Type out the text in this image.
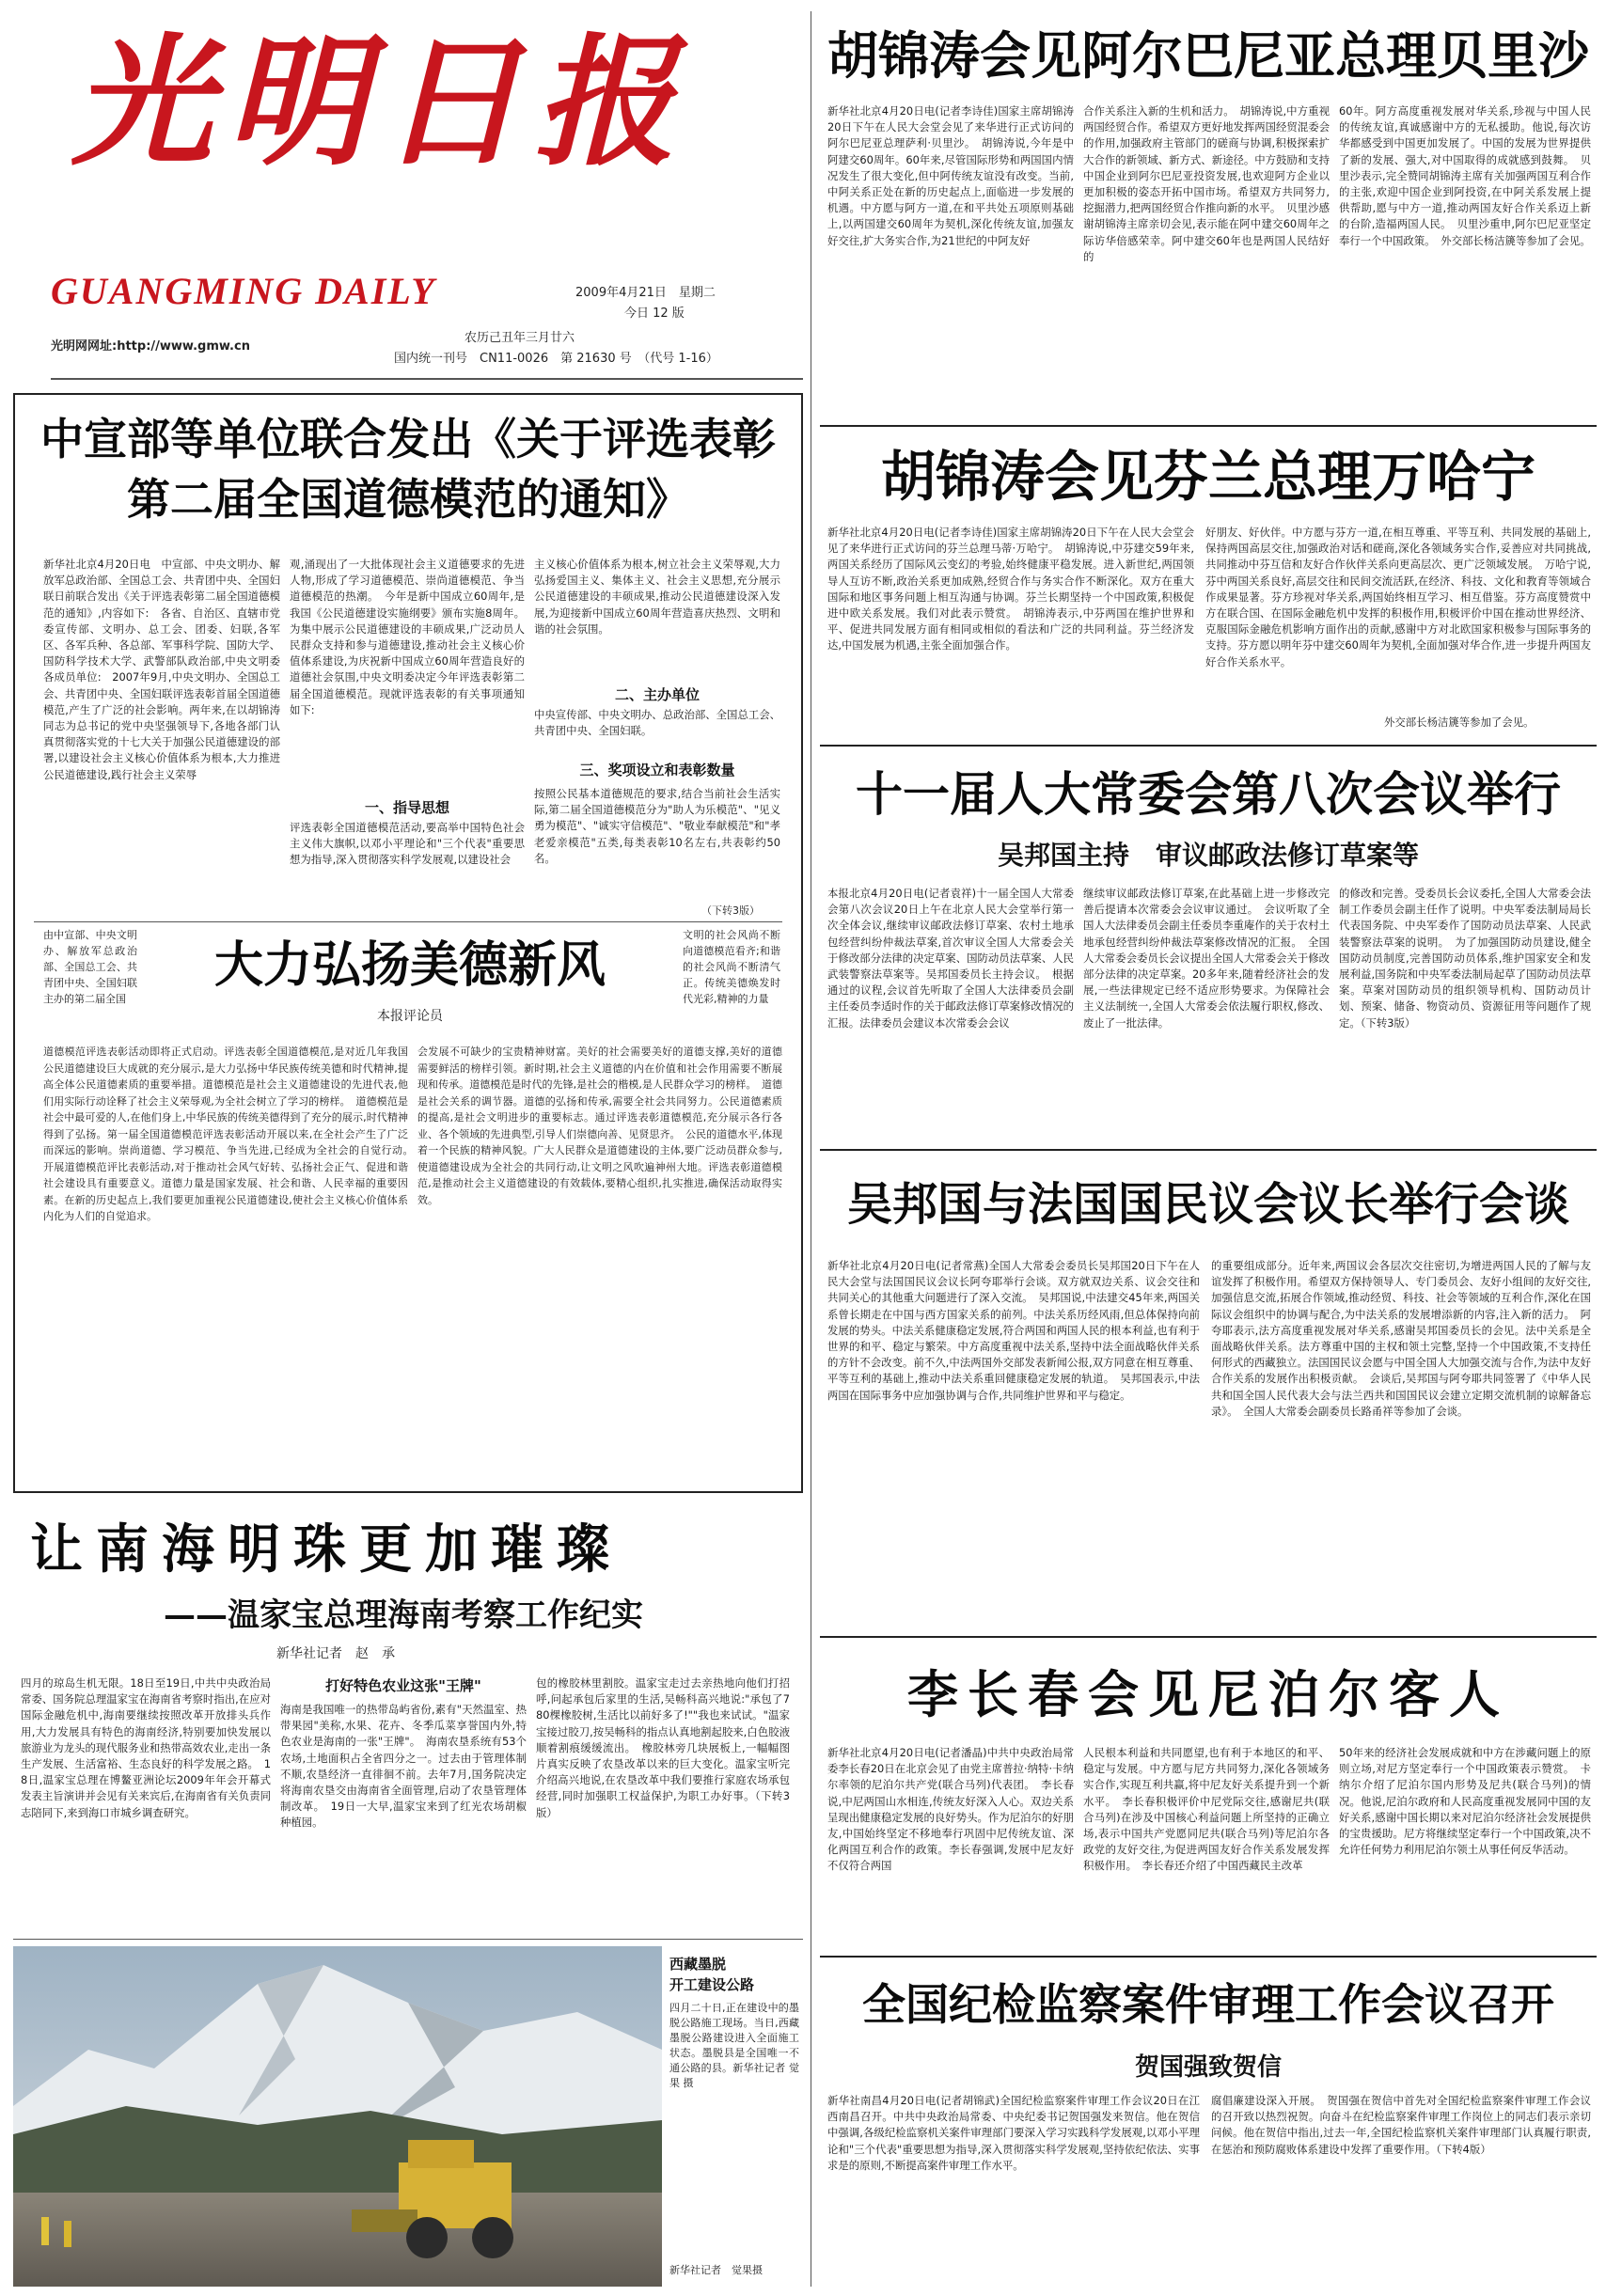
光明日报
GUANGMING DAILY
光明网网址:http://www.gmw.cn
2009年4月21日　星期二
今日 12 版
农历己丑年三月廿六
国内统一刊号　CN11-0026　第 21630 号　（代号 1-16）
胡锦涛会见阿尔巴尼亚总理贝里沙
新华社北京4月20日电(记者李诗佳)国家主席胡锦涛20日下午在人民大会堂会见了来华进行正式访问的阿尔巴尼亚总理萨利·贝里沙。　胡锦涛说,今年是中阿建交60周年。60年来,尽管国际形势和两国国内情况发生了很大变化,但中阿传统友谊没有改变。当前,中阿关系正处在新的历史起点上,面临进一步发展的机遇。中方愿与阿方一道,在和平共处五项原则基础上,以两国建交60周年为契机,深化传统友谊,加强友好交往,扩大务实合作,为21世纪的中阿友好
合作关系注入新的生机和活力。　胡锦涛说,中方重视两国经贸合作。希望双方更好地发挥两国经贸混委会的作用,加强政府主管部门的磋商与协调,积极探索扩大合作的新领域、新方式、新途径。中方鼓励和支持中国企业到阿尔巴尼亚投资发展,也欢迎阿方企业以更加积极的姿态开拓中国市场。希望双方共同努力,挖掘潜力,把两国经贸合作推向新的水平。　贝里沙感谢胡锦涛主席亲切会见,表示能在阿中建交60周年之际访华倍感荣幸。阿中建交60年也是两国人民结好的
60年。阿方高度重视发展对华关系,珍视与中国人民的传统友谊,真诚感谢中方的无私援助。他说,每次访华都感受到中国更加发展了。中国的发展为世界提供了新的发展、强大,对中国取得的成就感到鼓舞。　贝里沙表示,完全赞同胡锦涛主席有关加强两国互利合作的主张,欢迎中国企业到阿投资,在中阿关系发展上提供帮助,愿与中方一道,推动两国友好合作关系迈上新的台阶,造福两国人民。　贝里沙重申,阿尔巴尼亚坚定奉行一个中国政策。　外交部长杨洁篪等参加了会见。
中宣部等单位联合发出《关于评选表彰
第二届全国道德模范的通知》
新华社北京4月20日电　中宣部、中央文明办、解放军总政治部、全国总工会、共青团中央、全国妇联日前联合发出《关于评选表彰第二届全国道德模范的通知》,内容如下:　各省、自治区、直辖市党委宣传部、文明办、总工会、团委、妇联,各军区、各军兵种、各总部、军事科学院、国防大学、国防科学技术大学、武警部队政治部,中央文明委各成员单位:　2007年9月,中央文明办、全国总工会、共青团中央、全国妇联评选表彰首届全国道德模范,产生了广泛的社会影响。两年来,在以胡锦涛同志为总书记的党中央坚强领导下,各地各部门认真贯彻落实党的十七大关于加强公民道德建设的部署,以建设社会主义核心价值体系为根本,大力推进公民道德建设,践行社会主义荣辱
观,涌现出了一大批体现社会主义道德要求的先进人物,形成了学习道德模范、崇尚道德模范、争当道德模范的热潮。　今年是新中国成立60周年,是我国《公民道德建设实施纲要》颁布实施8周年。为集中展示公民道德建设的丰硕成果,广泛动员人民群众支持和参与道德建设,推动社会主义核心价值体系建设,为庆祝新中国成立60周年营造良好的道德社会氛围,中央文明委决定今年评选表彰第二届全国道德模范。现就评选表彰的有关事项通知如下:
一、指导思想
评选表彰全国道德模范活动,要高举中国特色社会主义伟大旗帜,以邓小平理论和"三个代表"重要思想为指导,深入贯彻落实科学发展观,以建设社会
主义核心价值体系为根本,树立社会主义荣辱观,大力弘扬爱国主义、集体主义、社会主义思想,充分展示公民道德建设的丰硕成果,推动公民道德建设深入发展,为迎接新中国成立60周年营造喜庆热烈、文明和谐的社会氛围。
二、主办单位
中央宣传部、中央文明办、总政治部、全国总工会、共青团中央、全国妇联。
三、奖项设立和表彰数量
按照公民基本道德规范的要求,结合当前社会生活实际,第二届全国道德模范分为"助人为乐模范"、"见义勇为模范"、"诚实守信模范"、"敬业奉献模范"和"孝老爱亲模范"五类,每类表彰10名左右,共表彰约50名。
（下转3版）
由中宣部、中央文明办、解放军总政治部、全国总工会、共青团中央、全国妇联主办的第二届全国
大力弘扬美德新风
本报评论员
文明的社会风尚不断向道德模范看齐;和谐的社会风尚不断清气正。传统美德焕发时代光彩,精神的力量
道德模范评选表彰活动即将正式启动。评选表彰全国道德模范,是对近几年我国公民道德建设巨大成就的充分展示,是大力弘扬中华民族传统美德和时代精神,提高全体公民道德素质的重要举措。道德模范是社会主义道德建设的先进代表,他们用实际行动诠释了社会主义荣辱观,为全社会树立了学习的榜样。　道德模范是社会中最可爱的人,在他们身上,中华民族的传统美德得到了充分的展示,时代精神得到了弘扬。第一届全国道德模范评选表彰活动开展以来,在全社会产生了广泛而深远的影响。崇尚道德、学习模范、争当先进,已经成为全社会的自觉行动。　开展道德模范评比表彰活动,对于推动社会风气好转、弘扬社会正气、促进和谐社会建设具有重要意义。道德力量是国家发展、社会和谐、人民幸福的重要因素。在新的历史起点上,我们要更加重视公民道德建设,使社会主义核心价值体系内化为人们的自觉追求。
会发展不可缺少的宝贵精神财富。美好的社会需要美好的道德支撑,美好的道德需要鲜活的榜样引领。新时期,社会主义道德的内在价值和社会作用需要不断展现和传承。道德模范是时代的先锋,是社会的楷模,是人民群众学习的榜样。　道德是社会关系的调节器。道德的弘扬和传承,需要全社会共同努力。公民道德素质的提高,是社会文明进步的重要标志。通过评选表彰道德模范,充分展示各行各业、各个领域的先进典型,引导人们崇德向善、见贤思齐。　公民的道德水平,体现着一个民族的精神风貌。广大人民群众是道德建设的主体,要广泛动员群众参与,使道德建设成为全社会的共同行动,让文明之风吹遍神州大地。评选表彰道德模范,是推动社会主义道德建设的有效载体,要精心组织,扎实推进,确保活动取得实效。
胡锦涛会见芬兰总理万哈宁
新华社北京4月20日电(记者李诗佳)国家主席胡锦涛20日下午在人民大会堂会见了来华进行正式访问的芬兰总理马蒂·万哈宁。　胡锦涛说,中芬建交59年来,两国关系经历了国际风云变幻的考验,始终健康平稳发展。进入新世纪,两国领导人互访不断,政治关系更加成熟,经贸合作与务实合作不断深化。双方在重大国际和地区事务问题上相互沟通与协调。芬兰长期坚持一个中国政策,积极促进中欧关系发展。我们对此表示赞赏。　胡锦涛表示,中芬两国在维护世界和平、促进共同发展方面有相同或相似的看法和广泛的共同利益。芬兰经济发达,中国发展为机遇,主张全面加强合作。
好朋友、好伙伴。中方愿与芬方一道,在相互尊重、平等互利、共同发展的基础上,保持两国高层交往,加强政治对话和磋商,深化各领域务实合作,妥善应对共同挑战,共同推动中芬互信和友好合作伙伴关系向更高层次、更广泛领域发展。　万哈宁说,芬中两国关系良好,高层交往和民间交流活跃,在经济、科技、文化和教育等领域合作成果显著。芬方珍视对华关系,两国始终相互学习、相互借鉴。芬方高度赞赏中方在联合国、在国际金融危机中发挥的积极作用,积极评价中国在推动世界经济、克服国际金融危机影响方面作出的贡献,感谢中方对北欧国家积极参与国际事务的支持。芬方愿以明年芬中建交60周年为契机,全面加强对华合作,进一步提升两国友好合作关系水平。
外交部长杨洁篪等参加了会见。
十一届人大常委会第八次会议举行
吴邦国主持　审议邮政法修订草案等
本报北京4月20日电(记者袁祥)十一届全国人大常委会第八次会议20日上午在北京人民大会堂举行第一次全体会议,继续审议邮政法修订草案、农村土地承包经营纠纷仲裁法草案,首次审议全国人大常委会关于修改部分法律的决定草案、国防动员法草案、人民武装警察法草案等。吴邦国委员长主持会议。　根据通过的议程,会议首先听取了全国人大法律委员会副主任委员李适时作的关于邮政法修订草案修改情况的汇报。法律委员会建议本次常委会会议
继续审议邮政法修订草案,在此基础上进一步修改完善后提请本次常委会会议审议通过。　会议听取了全国人大法律委员会副主任委员李重庵作的关于农村土地承包经营纠纷仲裁法草案修改情况的汇报。　全国人大常委会委员长会议提出全国人大常委会关于修改部分法律的决定草案。20多年来,随着经济社会的发展,一些法律规定已经不适应形势要求。为保障社会主义法制统一,全国人大常委会依法履行职权,修改、废止了一批法律。
的修改和完善。受委员长会议委托,全国人大常委会法制工作委员会副主任作了说明。中央军委法制局局长代表国务院、中央军委作了国防动员法草案、人民武装警察法草案的说明。　为了加强国防动员建设,健全国防动员制度,完善国防动员体系,维护国家安全和发展利益,国务院和中央军委法制局起草了国防动员法草案。草案对国防动员的组织领导机构、国防动员计划、预案、储备、物资动员、资源征用等问题作了规定。（下转3版）
吴邦国与法国国民议会议长举行会谈
新华社北京4月20日电(记者常燕)全国人大常委会委员长吴邦国20日下午在人民大会堂与法国国民议会议长阿夸耶举行会谈。双方就双边关系、议会交往和共同关心的其他重大问题进行了深入交流。　吴邦国说,中法建交45年来,两国关系曾长期走在中国与西方国家关系的前列。中法关系历经风雨,但总体保持向前发展的势头。中法关系健康稳定发展,符合两国和两国人民的根本利益,也有利于世界的和平、稳定与繁荣。中方高度重视中法关系,坚持中法全面战略伙伴关系的方针不会改变。前不久,中法两国外交部发表新闻公报,双方同意在相互尊重、平等互利的基础上,推动中法关系重回健康稳定发展的轨道。　吴邦国表示,中法两国在国际事务中应加强协调与合作,共同维护世界和平与稳定。
的重要组成部分。近年来,两国议会各层次交往密切,为增进两国人民的了解与友谊发挥了积极作用。希望双方保持领导人、专门委员会、友好小组间的友好交往,加强信息交流,拓展合作领域,推动经贸、科技、社会等领域的互利合作,深化在国际议会组织中的协调与配合,为中法关系的发展增添新的内容,注入新的活力。　阿夸耶表示,法方高度重视发展对华关系,感谢吴邦国委员长的会见。法中关系是全面战略伙伴关系。法方尊重中国的主权和领土完整,坚持一个中国政策,不支持任何形式的西藏独立。法国国民议会愿与中国全国人大加强交流与合作,为法中友好合作关系的发展作出积极贡献。　会谈后,吴邦国与阿夸耶共同签署了《中华人民共和国全国人民代表大会与法兰西共和国国民议会建立定期交流机制的谅解备忘录》。　全国人大常委会副委员长路甬祥等参加了会谈。
让南海明珠更加璀璨
——温家宝总理海南考察工作纪实
新华社记者　赵　承
四月的琼岛生机无限。18日至19日,中共中央政治局常委、国务院总理温家宝在海南省考察时指出,在应对国际金融危机中,海南要继续按照改革开放排头兵作用,大力发展具有特色的海南经济,特别要加快发展以旅游业为龙头的现代服务业和热带高效农业,走出一条生产发展、生活富裕、生态良好的科学发展之路。　18日,温家宝总理在博鳌亚洲论坛2009年年会开幕式发表主旨演讲并会见有关来宾后,在海南省有关负责同志陪同下,来到海口市城乡调查研究。
打好特色农业这张"王牌"
海南是我国唯一的热带岛屿省份,素有"天然温室、热带果园"美称,水果、花卉、冬季瓜菜享誉国内外,特色农业是海南的一张"王牌"。　海南农垦系统有53个农场,土地面积占全省四分之一。过去由于管理体制不顺,农垦经济一直徘徊不前。去年7月,国务院决定将海南农垦交由海南省全面管理,启动了农垦管理体制改革。　19日一大早,温家宝来到了红光农场胡椒种植园。
包的橡胶林里割胶。温家宝走过去亲热地向他们打招呼,问起承包后家里的生活,吴畅科高兴地说:"承包了780棵橡胶树,生活比以前好多了!""我也来试试。"温家宝接过胶刀,按吴畅科的指点认真地割起胶来,白色胶液顺着割痕缓缓流出。　橡胶林旁几块展板上,一幅幅图片真实反映了农垦改革以来的巨大变化。温家宝听完介绍高兴地说,在农垦改革中我们要推行家庭农场承包经营,同时加强职工权益保护,为职工办好事。（下转3版）
西藏墨脱
开工建设公路
四月二十日,正在建设中的墨脱公路施工现场。当日,西藏墨脱公路建设进入全面施工状态。墨脱县是全国唯一不通公路的县。新华社记者 觉果 摄
新华社记者　觉果摄
李长春会见尼泊尔客人
新华社北京4月20日电(记者潘晶)中共中央政治局常委李长春20日在北京会见了由党主席普拉·纳特·卡纳尔率领的尼泊尔共产党(联合马列)代表团。　李长春说,中尼两国山水相连,传统友好深入人心。双边关系呈现出健康稳定发展的良好势头。作为尼泊尔的好朋友,中国始终坚定不移地奉行巩固中尼传统友谊、深化两国互利合作的政策。李长春强调,发展中尼友好不仅符合两国
人民根本利益和共同愿望,也有利于本地区的和平、稳定与发展。中方愿与尼方共同努力,深化各领域务实合作,实现互利共赢,将中尼友好关系提升到一个新水平。　李长春积极评价中尼党际交往,感谢尼共(联合马列)在涉及中国核心利益问题上所坚持的正确立场,表示中国共产党愿同尼共(联合马列)等尼泊尔各政党的友好交往,为促进两国友好合作关系发展发挥积极作用。　李长春还介绍了中国西藏民主改革
50年来的经济社会发展成就和中方在涉藏问题上的原则立场,对尼方坚定奉行一个中国政策表示赞赏。　卡纳尔介绍了尼泊尔国内形势及尼共(联合马列)的情况。他说,尼泊尔政府和人民高度重视发展同中国的友好关系,感谢中国长期以来对尼泊尔经济社会发展提供的宝贵援助。尼方将继续坚定奉行一个中国政策,决不允许任何势力利用尼泊尔领土从事任何反华活动。
全国纪检监察案件审理工作会议召开
贺国强致贺信
新华社南昌4月20日电(记者胡锦武)全国纪检监察案件审理工作会议20日在江西南昌召开。中共中央政治局常委、中央纪委书记贺国强发来贺信。他在贺信中强调,各级纪检监察机关案件审理部门要深入学习实践科学发展观,以邓小平理论和"三个代表"重要思想为指导,深入贯彻落实科学发展观,坚持依纪依法、实事求是的原则,不断提高案件审理工作水平。
腐倡廉建设深入开展。　贺国强在贺信中首先对全国纪检监察案件审理工作会议的召开致以热烈祝贺。向奋斗在纪检监察案件审理工作岗位上的同志们表示亲切问候。他在贺信中指出,过去一年,全国纪检监察机关案件审理部门认真履行职责,在惩治和预防腐败体系建设中发挥了重要作用。（下转4版）
